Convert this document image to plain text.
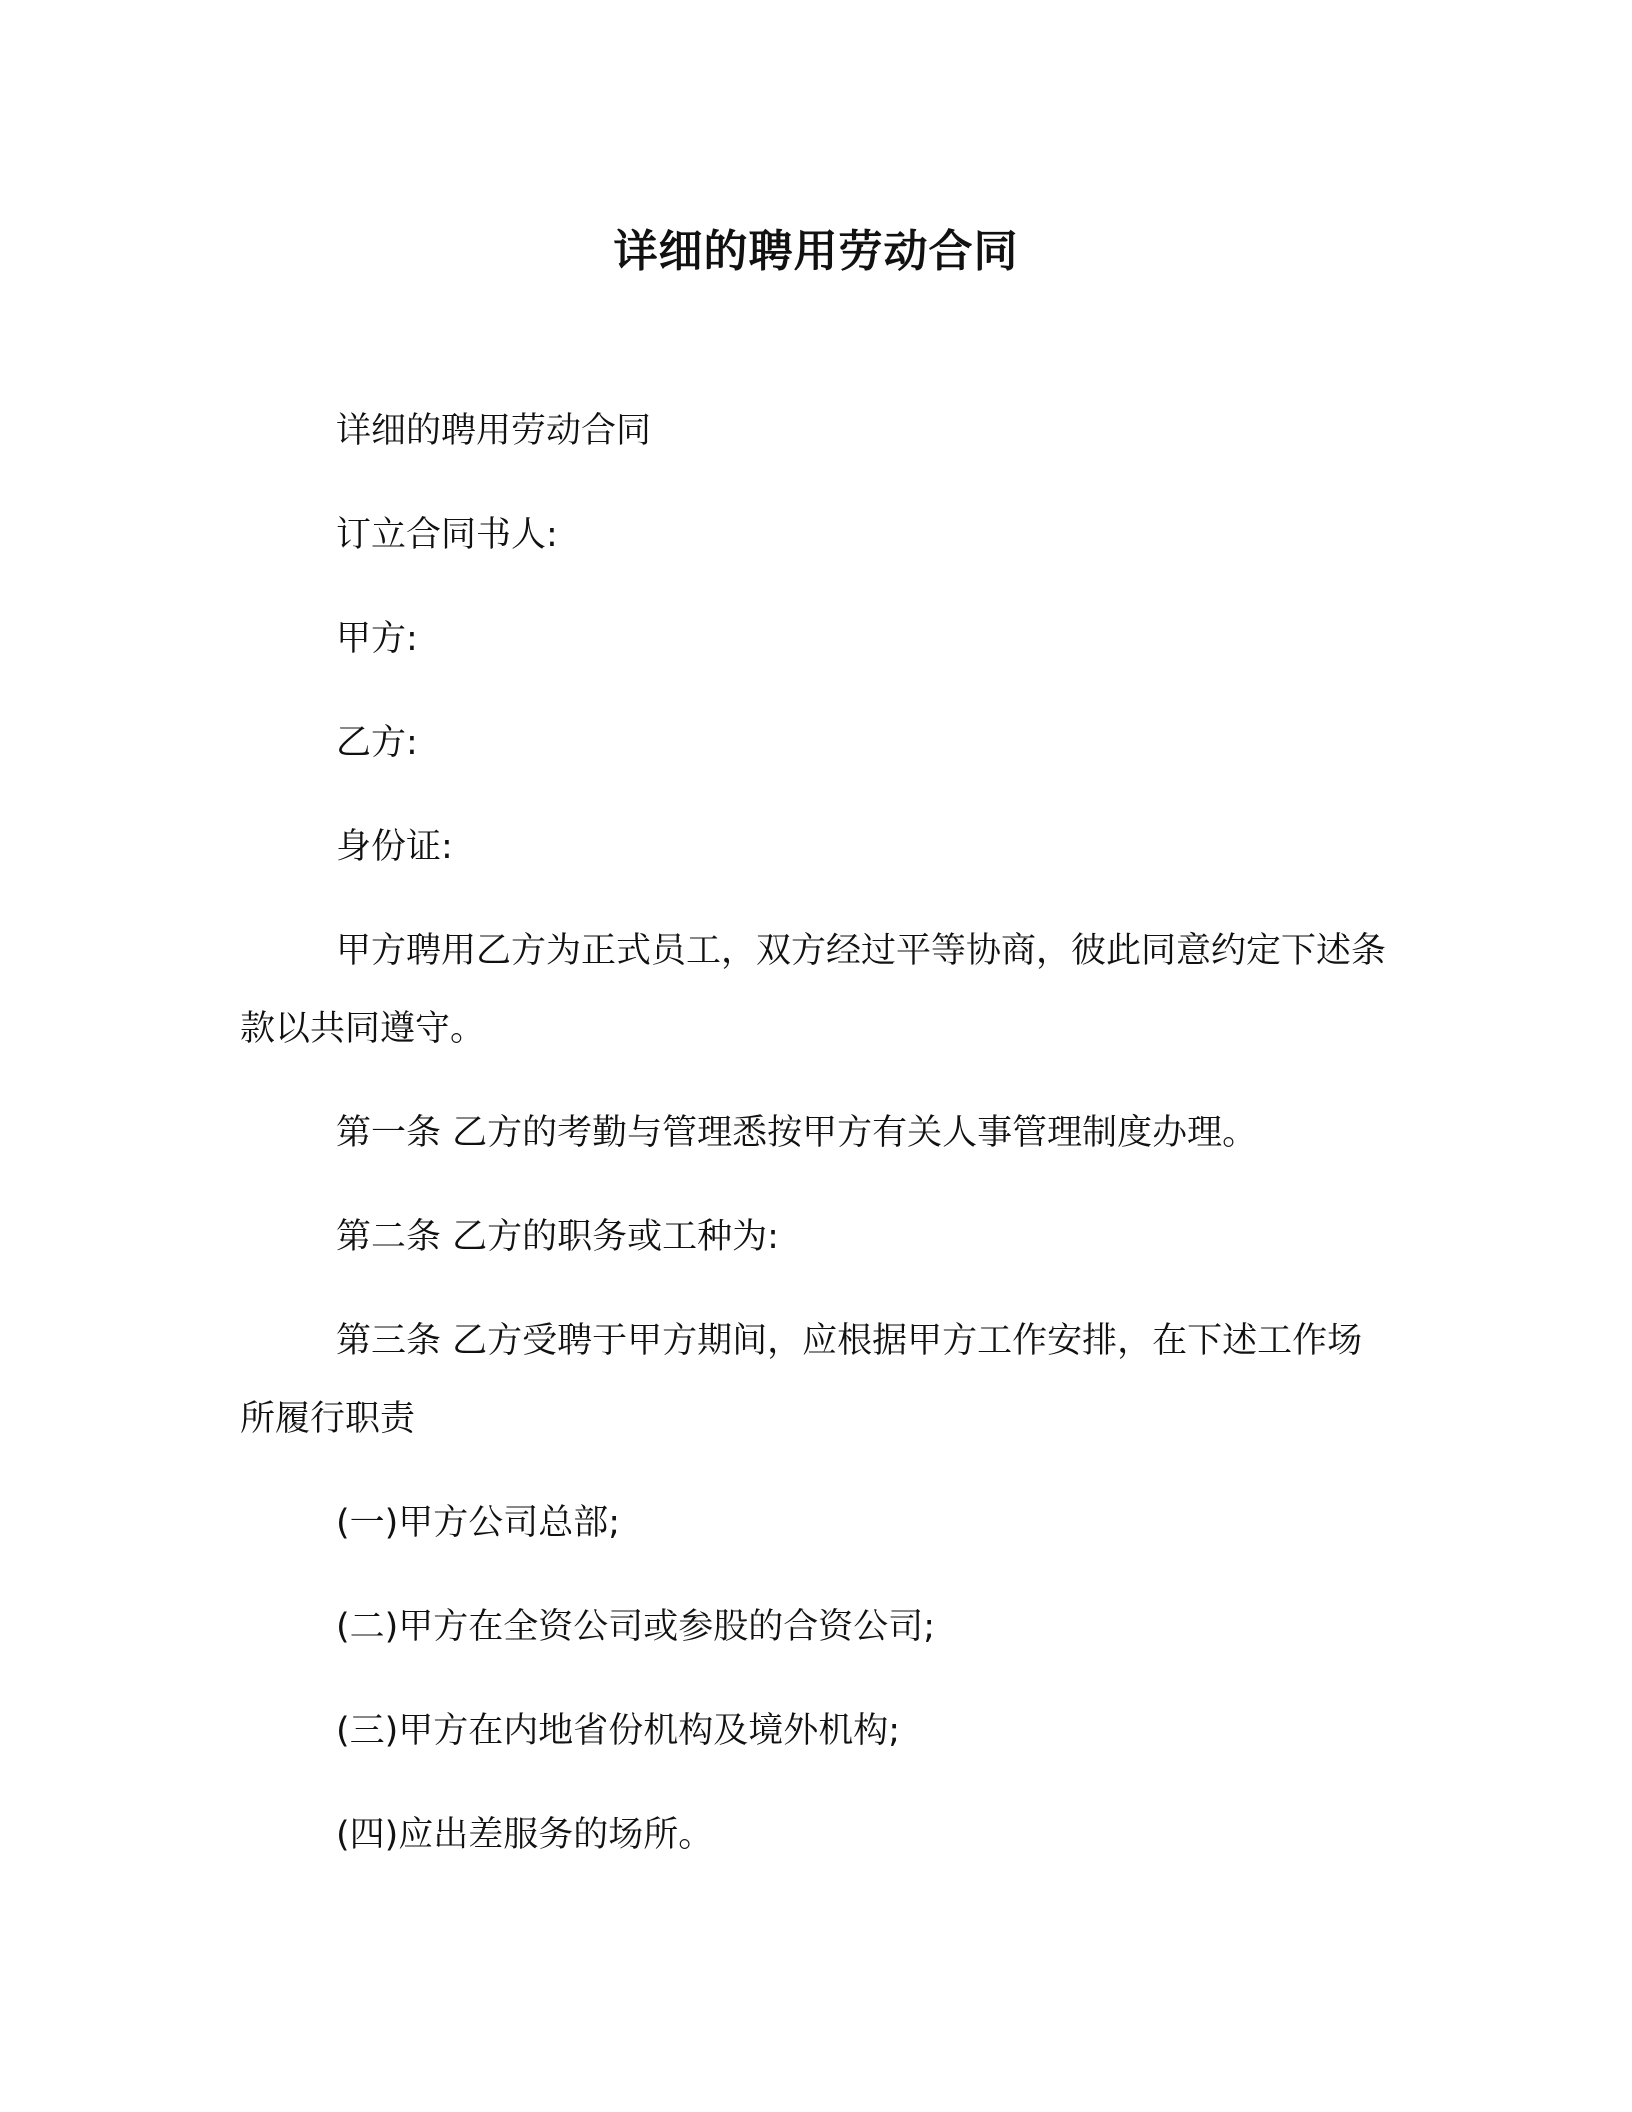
详细的聘用劳动合同

详细的聘用劳动合同

订立合同书人:

甲方:

乙方:

身份证:

甲方聘用乙方为正式员工，双方经过平等协商，彼此同意约定下述条款以共同遵守。

第一条 乙方的考勤与管理悉按甲方有关人事管理制度办理。

第二条 乙方的职务或工种为:

第三条 乙方受聘于甲方期间，应根据甲方工作安排，在下述工作场所履行职责

(一)甲方公司总部;

(二)甲方在全资公司或参股的合资公司;

(三)甲方在内地省份机构及境外机构;

(四)应出差服务的场所。
